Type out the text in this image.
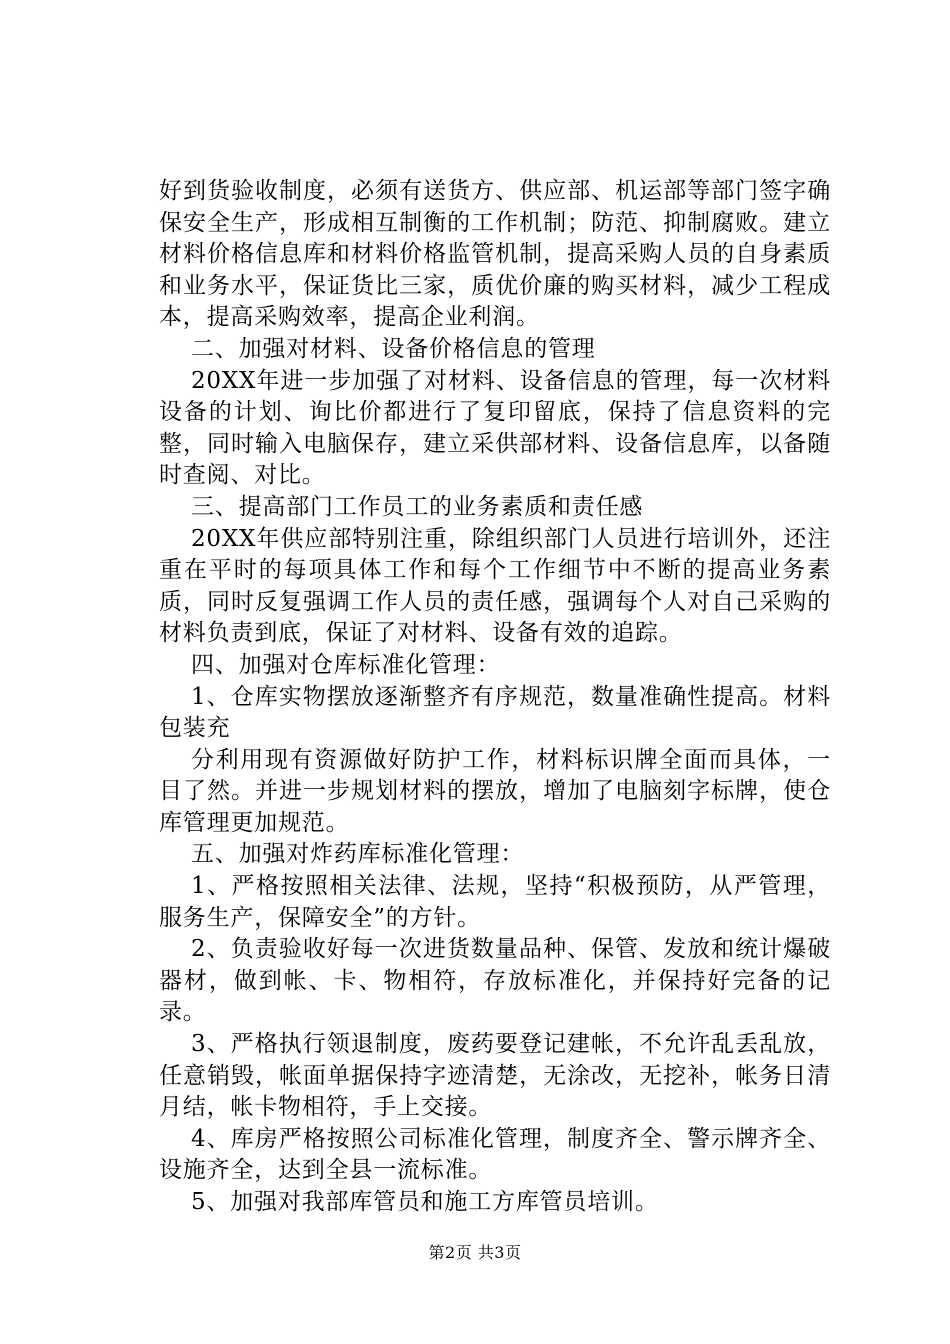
好到货验收制度，必须有送货方、供应部、机运部等部门签字确保安全生产，形成相互制衡的工作机制；防范、抑制腐败。建立材料价格信息库和材料价格监管机制，提高采购人员的自身素质和业务水平，保证货比三家，质优价廉的购买材料，减少工程成本，提高采购效率，提高企业利润。

二、加强对材料、设备价格信息的管理

20XX年进一步加强了对材料、设备信息的管理，每一次材料设备的计划、询比价都进行了复印留底，保持了信息资料的完整，同时输入电脑保存，建立采供部材料、设备信息库，以备随时查阅、对比。

三、提高部门工作员工的业务素质和责任感

20XX年供应部特别注重，除组织部门人员进行培训外，还注重在平时的每项具体工作和每个工作细节中不断的提高业务素质，同时反复强调工作人员的责任感，强调每个人对自己采购的材料负责到底，保证了对材料、设备有效的追踪。

四、加强对仓库标准化管理：

1、仓库实物摆放逐渐整齐有序规范，数量准确性提高。材料包装充

分利用现有资源做好防护工作，材料标识牌全面而具体，一目了然。并进一步规划材料的摆放，增加了电脑刻字标牌，使仓库管理更加规范。

五、加强对炸药库标准化管理：

1、严格按照相关法律、法规，坚持“积极预防，从严管理，服务生产，保障安全”的方针。

2、负责验收好每一次进货数量品种、保管、发放和统计爆破器材，做到帐、卡、物相符，存放标准化，并保持好完备的记录。

3、严格执行领退制度，废药要登记建帐，不允许乱丢乱放，任意销毁，帐面单据保持字迹清楚，无涂改，无挖补，帐务日清月结，帐卡物相符，手上交接。

4、库房严格按照公司标准化管理，制度齐全、警示牌齐全、设施齐全，达到全县一流标准。

5、加强对我部库管员和施工方库管员培训。

第2页 共3页
